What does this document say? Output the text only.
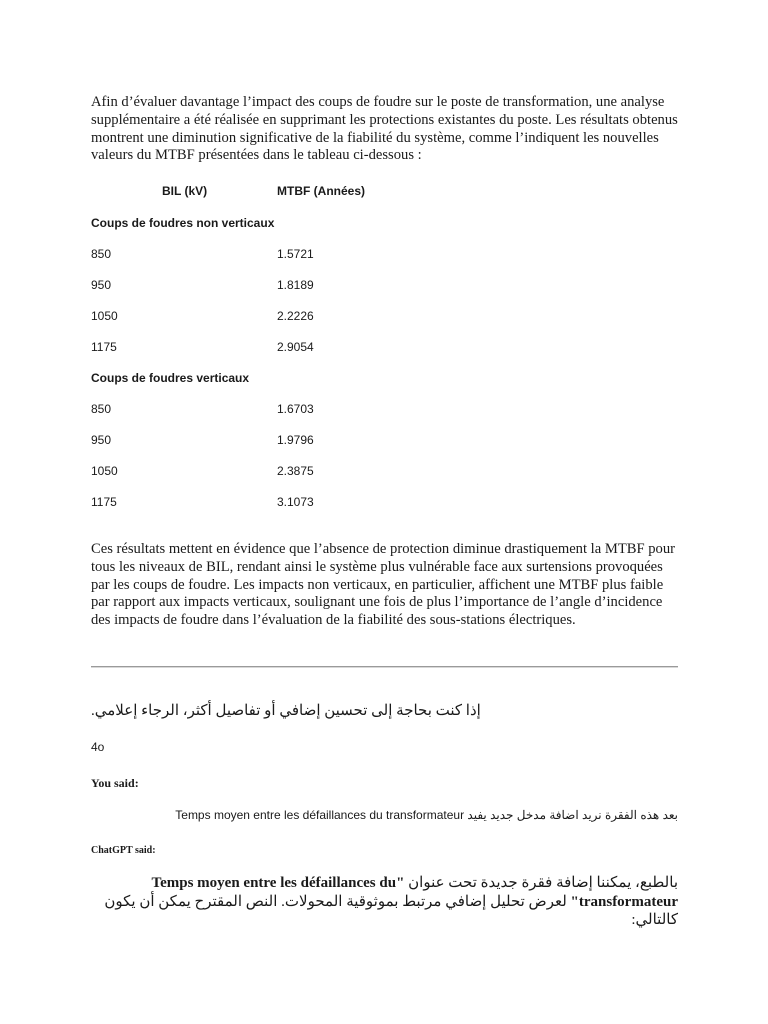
Afin d’évaluer davantage l’impact des coups de foudre sur le poste de transformation, une analyse supplémentaire a été réalisée en supprimant les protections existantes du poste. Les résultats obtenus montrent une diminution significative de la fiabilité du système, comme l’indiquent les nouvelles valeurs du MTBF présentées dans le tableau ci-dessous :

BIL (kV)	MTBF (Années)
Coups de foudres non verticaux
850	1.5721
950	1.8189
1050	2.2226
1175	2.9054
Coups de foudres verticaux
850	1.6703
950	1.9796
1050	2.3875
1175	3.1073

Ces résultats mettent en évidence que l’absence de protection diminue drastiquement la MTBF pour tous les niveaux de BIL, rendant ainsi le système plus vulnérable face aux surtensions provoquées par les coups de foudre. Les impacts non verticaux, en particulier, affichent une MTBF plus faible par rapport aux impacts verticaux, soulignant une fois de plus l’importance de l’angle d’incidence des impacts de foudre dans l’évaluation de la fiabilité des sous-stations électriques.

إذا كنت بحاجة إلى تحسين إضافي أو تفاصيل أكثر، الرجاء إعلامي.
4o
You said:
بعد هذه الفقرة نريد اضافة مدخل جديد يفيد Temps moyen entre les défaillances du transformateur
ChatGPT said:

بالطبع، يمكننا إضافة فقرة جديدة تحت عنوان "Temps moyen entre les défaillances du transformateur" لعرض تحليل إضافي مرتبط بموثوقية المحولات. النص المقترح يمكن أن يكون كالتالي:
